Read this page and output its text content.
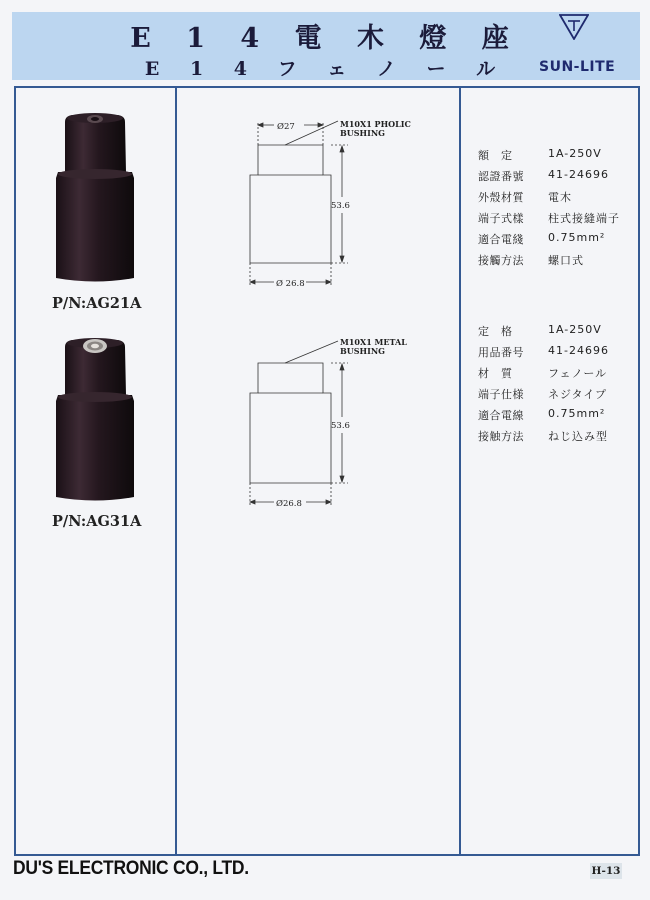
E 1 4 電 木 燈 座
E 1 4 フ ェ ノ ー ル	SUN-LITE
P/N:AG21A
P/N:AG31A
Ø27	M10X1 PHOLIC
BUSHING
53.6
Ø 26.8
M10X1 METAL
BUSHING
53.6
Ø26.8
額　定	1A-250V
認證番號 41-24696
外殼材質 電木
端子式樣 柱式接縫端子
適合電綫 0.75mm²
接觸方法 螺口式
定　格	1A-250V
用品番号 41-24696
材　質	フェノール
端子仕様 ネジタイプ
適合電線 0.75mm²
接触方法 ねじ込み型
DU'S ELECTRONIC CO., LTD.	H-13
